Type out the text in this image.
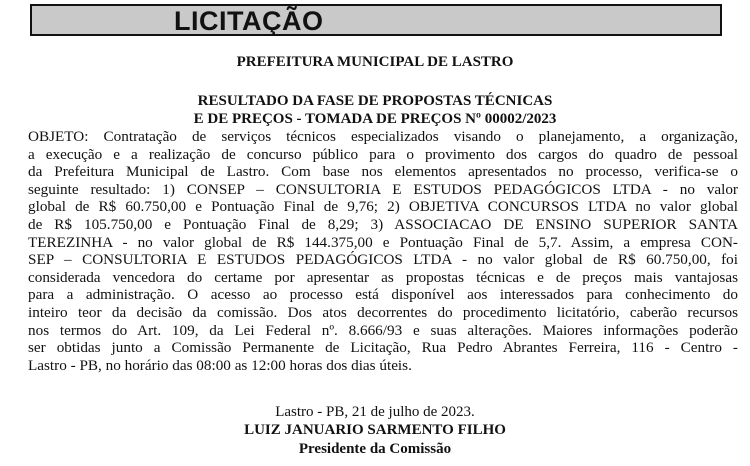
LICITAÇÃO
PREFEITURA MUNICIPAL DE LASTRO
RESULTADO DA FASE DE PROPOSTAS TÉCNICAS
E DE PREÇOS - TOMADA DE PREÇOS Nº 00002/2023
OBJETO: Contratação de serviços técnicos especializados visando o planejamento, a organização,
a execução e a realização de concurso público para o provimento dos cargos do quadro de pessoal
da Prefeitura Municipal de Lastro. Com base nos elementos apresentados no processo, verifica-se o
seguinte resultado: 1) CONSEP – CONSULTORIA E ESTUDOS PEDAGÓGICOS LTDA - no valor
global de R$ 60.750,00 e Pontuação Final de 9,76; 2) OBJETIVA CONCURSOS LTDA no valor global
de R$ 105.750,00 e Pontuação Final de 8,29; 3) ASSOCIACAO DE ENSINO SUPERIOR SANTA
TEREZINHA - no valor global de R$ 144.375,00 e Pontuação Final de 5,7. Assim, a empresa CON-
SEP – CONSULTORIA E ESTUDOS PEDAGÓGICOS LTDA - no valor global de R$ 60.750,00, foi
considerada vencedora do certame por apresentar as propostas técnicas e de preços mais vantajosas
para a administração. O acesso ao processo está disponível aos interessados para conhecimento do
inteiro teor da decisão da comissão. Dos atos decorrentes do procedimento licitatório, caberão recursos
nos termos do Art. 109, da Lei Federal nº. 8.666/93 e suas alterações. Maiores informações poderão
ser obtidas junto a Comissão Permanente de Licitação, Rua Pedro Abrantes Ferreira, 116 - Centro -
Lastro - PB, no horário das 08:00 as 12:00 horas dos dias úteis.
Lastro - PB, 21 de julho de 2023.
LUIZ JANUARIO SARMENTO FILHO
Presidente da Comissão
